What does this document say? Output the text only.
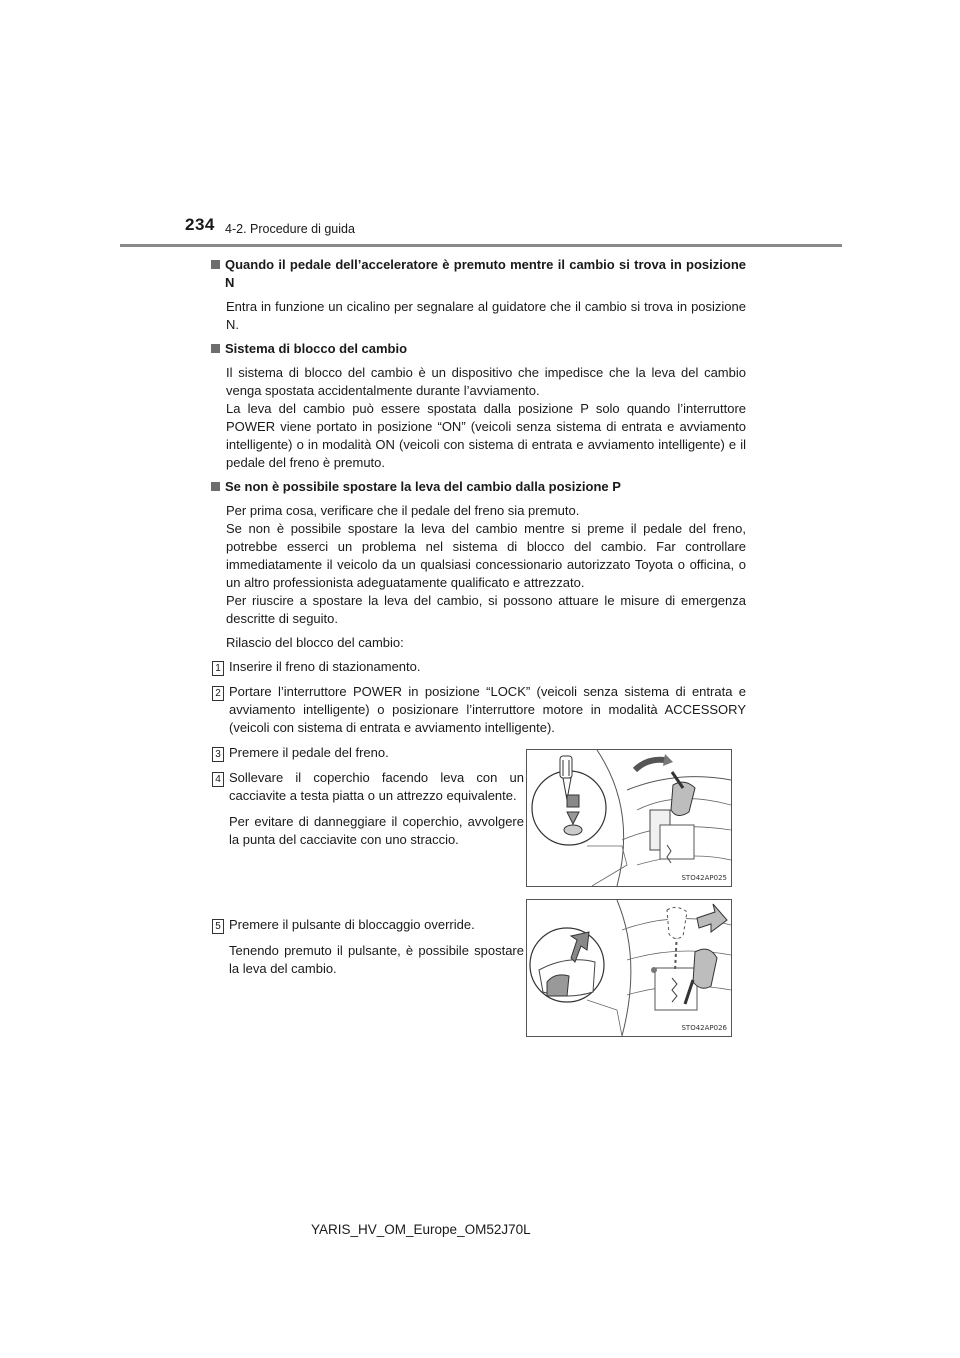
234 4-2. Procedure di guida
Quando il pedale dell’acceleratore è premuto mentre il cambio si trova in posizione N
Entra in funzione un cicalino per segnalare al guidatore che il cambio si trova in posizione N.
Sistema di blocco del cambio
Il sistema di blocco del cambio è un dispositivo che impedisce che la leva del cambio venga spostata accidentalmente durante l’avviamento.
La leva del cambio può essere spostata dalla posizione P solo quando l’interruttore POWER viene portato in posizione “ON” (veicoli senza sistema di entrata e avviamento intelligente) o in modalità ON (veicoli con sistema di entrata e avviamento intelligente) e il pedale del freno è premuto.
Se non è possibile spostare la leva del cambio dalla posizione P
Per prima cosa, verificare che il pedale del freno sia premuto.
Se non è possibile spostare la leva del cambio mentre si preme il pedale del freno, potrebbe esserci un problema nel sistema di blocco del cambio. Far controllare immediatamente il veicolo da un qualsiasi concessionario autorizzato Toyota o officina, o un altro professionista adeguatamente qualificato e attrezzato.
Per riuscire a spostare la leva del cambio, si possono attuare le misure di emergenza descritte di seguito.
Rilascio del blocco del cambio:
1 Inserire il freno di stazionamento.
2 Portare l’interruttore POWER in posizione “LOCK” (veicoli senza sistema di entrata e avviamento intelligente) o posizionare l’interruttore motore in modalità ACCESSORY (veicoli con sistema di entrata e avviamento intelligente).
3 Premere il pedale del freno.
4 Sollevare il coperchio facendo leva con un cacciavite a testa piatta o un attrezzo equivalente.
Per evitare di danneggiare il coperchio, avvolgere la punta del cacciavite con uno straccio.
5 Premere il pulsante di bloccaggio override.
Tenendo premuto il pulsante, è possibile spostare la leva del cambio.
STO42AP025
STO42AP026
YARIS_HV_OM_Europe_OM52J70L
